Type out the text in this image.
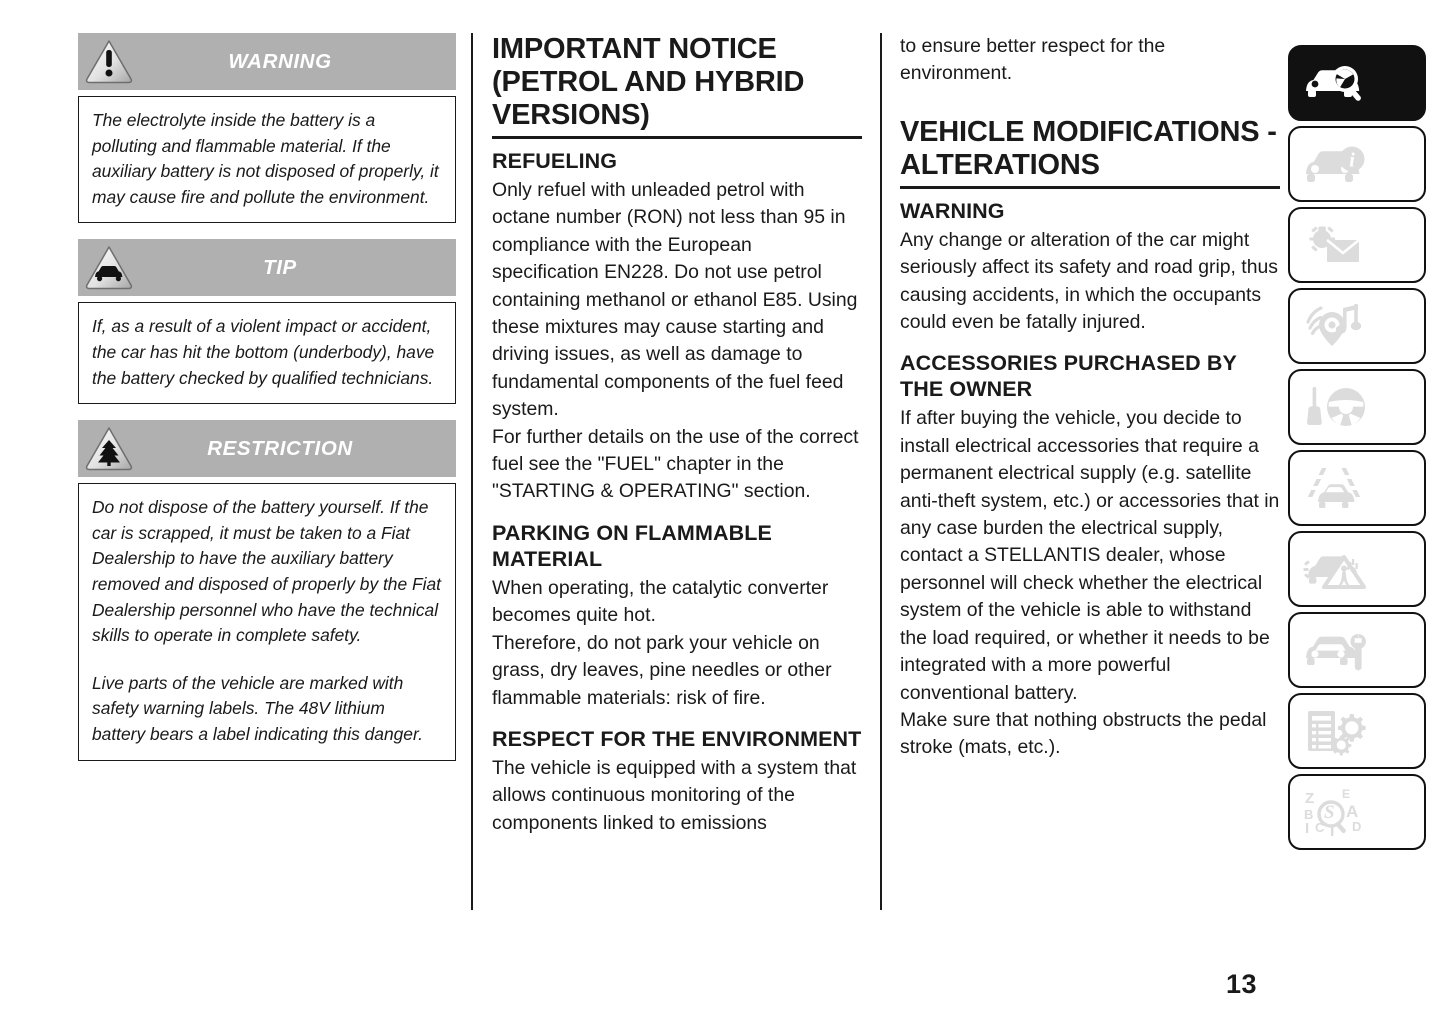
WARNING

The electrolyte inside the battery is a polluting and flammable material. If the auxiliary battery is not disposed of properly, it may cause fire and pollute the environment.

TIP

If, as a result of a violent impact or accident, the car has hit the bottom (underbody), have the battery checked by qualified technicians.

RESTRICTION

Do not dispose of the battery yourself. If the car is scrapped, it must be taken to a Fiat Dealership to have the auxiliary battery removed and disposed of properly by the Fiat Dealership personnel who have the technical skills to operate in complete safety.

Live parts of the vehicle are marked with safety warning labels. The 48V lithium battery bears a label indicating this danger.

IMPORTANT NOTICE (PETROL AND HYBRID VERSIONS)
REFUELING

Only refuel with unleaded petrol with octane number (RON) not less than 95 in compliance with the European specification EN228. Do not use petrol containing methanol or ethanol E85. Using these mixtures may cause starting and driving issues, as well as damage to fundamental components of the fuel feed system.

For further details on the use of the correct fuel see the "FUEL" chapter in the "STARTING & OPERATING" section.

PARKING ON FLAMMABLE MATERIAL

When operating, the catalytic converter becomes quite hot.

Therefore, do not park your vehicle on grass, dry leaves, pine needles or other flammable materials: risk of fire.

RESPECT FOR THE ENVIRONMENT

The vehicle is equipped with a system that allows continuous monitoring of the components linked to emissions

to ensure better respect for the environment.

VEHICLE MODIFICATIONS - ALTERATIONS
WARNING

Any change or alteration of the car might seriously affect its safety and road grip, thus causing accidents, in which the occupants could even be fatally injured.

ACCESSORIES PURCHASED BY THE OWNER

If after buying the vehicle, you decide to install electrical accessories that require a permanent electrical supply (e.g. satellite anti-theft system, etc.) or accessories that in any case burden the electrical supply, contact a STELLANTIS dealer, whose personnel will check whether the electrical system of the vehicle is able to withstand the load required, or whether it needs to be integrated with a more powerful conventional battery.

Make sure that nothing obstructs the pedal stroke (mats, etc.).

i
Z
B
I C T
E
A
D
S
13
